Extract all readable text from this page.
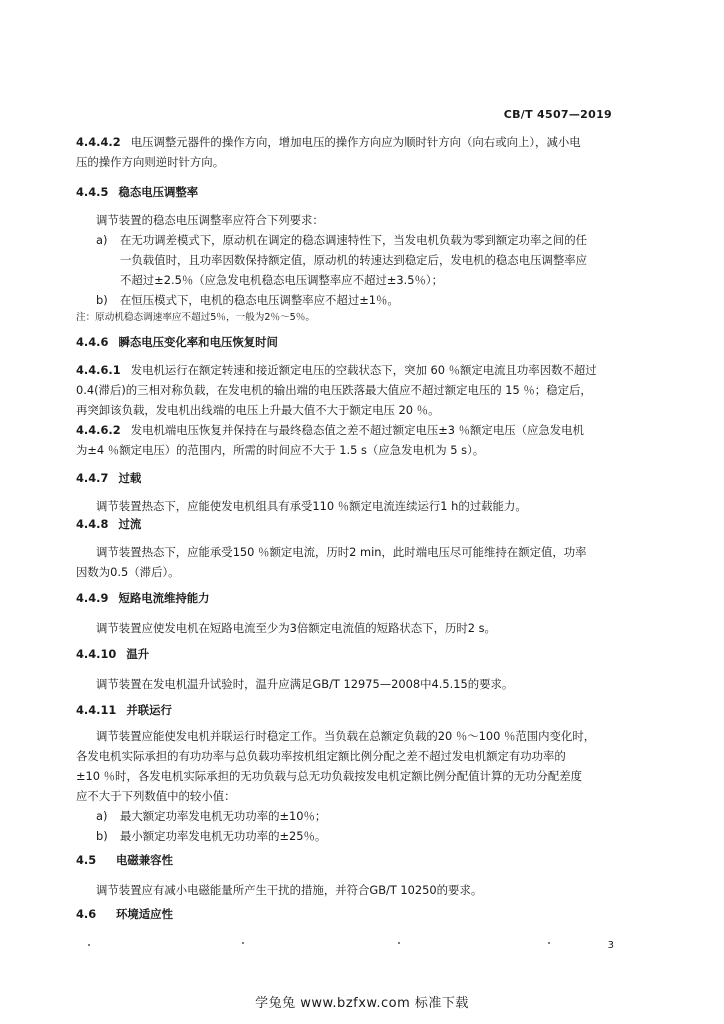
CB/T 4507—2019
4.4.4.2 电压调整元器件的操作方向，增加电压的操作方向应为顺时针方向（向右或向上），减小电
压的操作方向则逆时针方向。
4.4.5 稳态电压调整率
调节装置的稳态电压调整率应符合下列要求：
a) 在无功调差模式下，原动机在调定的稳态调速特性下，当发电机负载为零到额定功率之间的任
一负载值时，且功率因数保持额定值，原动机的转速达到稳定后，发电机的稳态电压调整率应
不超过±2.5％（应急发电机稳态电压调整率应不超过±3.5％）；
b) 在恒压模式下，电机的稳态电压调整率应不超过±1％。
注：原动机稳态调速率应不超过5％，一般为2％～5％。
4.4.6 瞬态电压变化率和电压恢复时间
4.4.6.1 发电机运行在额定转速和接近额定电压的空载状态下，突加 60 ％额定电流且功率因数不超过
0.4(滞后)的三相对称负载，在发电机的输出端的电压跌落最大值应不超过额定电压的 15 ％；稳定后，
再突卸该负载，发电机出线端的电压上升最大值不大于额定电压 20 ％。
4.4.6.2 发电机端电压恢复并保持在与最终稳态值之差不超过额定电压±3 ％额定电压（应急发电机
为±4 ％额定电压）的范围内，所需的时间应不大于 1.5 s（应急发电机为 5 s）。
4.4.7 过载
调节装置热态下，应能使发电机组具有承受110 ％额定电流连续运行1 h的过载能力。
4.4.8 过流
调节装置热态下，应能承受150 ％额定电流，历时2 min，此时端电压尽可能维持在额定值，功率
因数为0.5（滞后）。
4.4.9 短路电流维持能力
调节装置应使发电机在短路电流至少为3倍额定电流值的短路状态下，历时2 s。
4.4.10 温升
调节装置在发电机温升试验时，温升应满足GB/T 12975—2008中4.5.15的要求。
4.4.11 并联运行
调节装置应能使发电机并联运行时稳定工作。当负载在总额定负载的20 ％～100 ％范围内变化时，
各发电机实际承担的有功功率与总负载功率按机组定额比例分配之差不超过发电机额定有功功率的
±10 ％时，各发电机实际承担的无功负载与总无功负载按发电机定额比例分配值计算的无功分配差度
应不大于下列数值中的较小值：
a) 最大额定功率发电机无功功率的±10％；
b) 最小额定功率发电机无功功率的±25％。
4.5 电磁兼容性
调节装置应有减小电磁能量所产生干扰的措施，并符合GB/T 10250的要求。
4.6 环境适应性
3
学兔兔 www.bzfxw.com 标准下载
